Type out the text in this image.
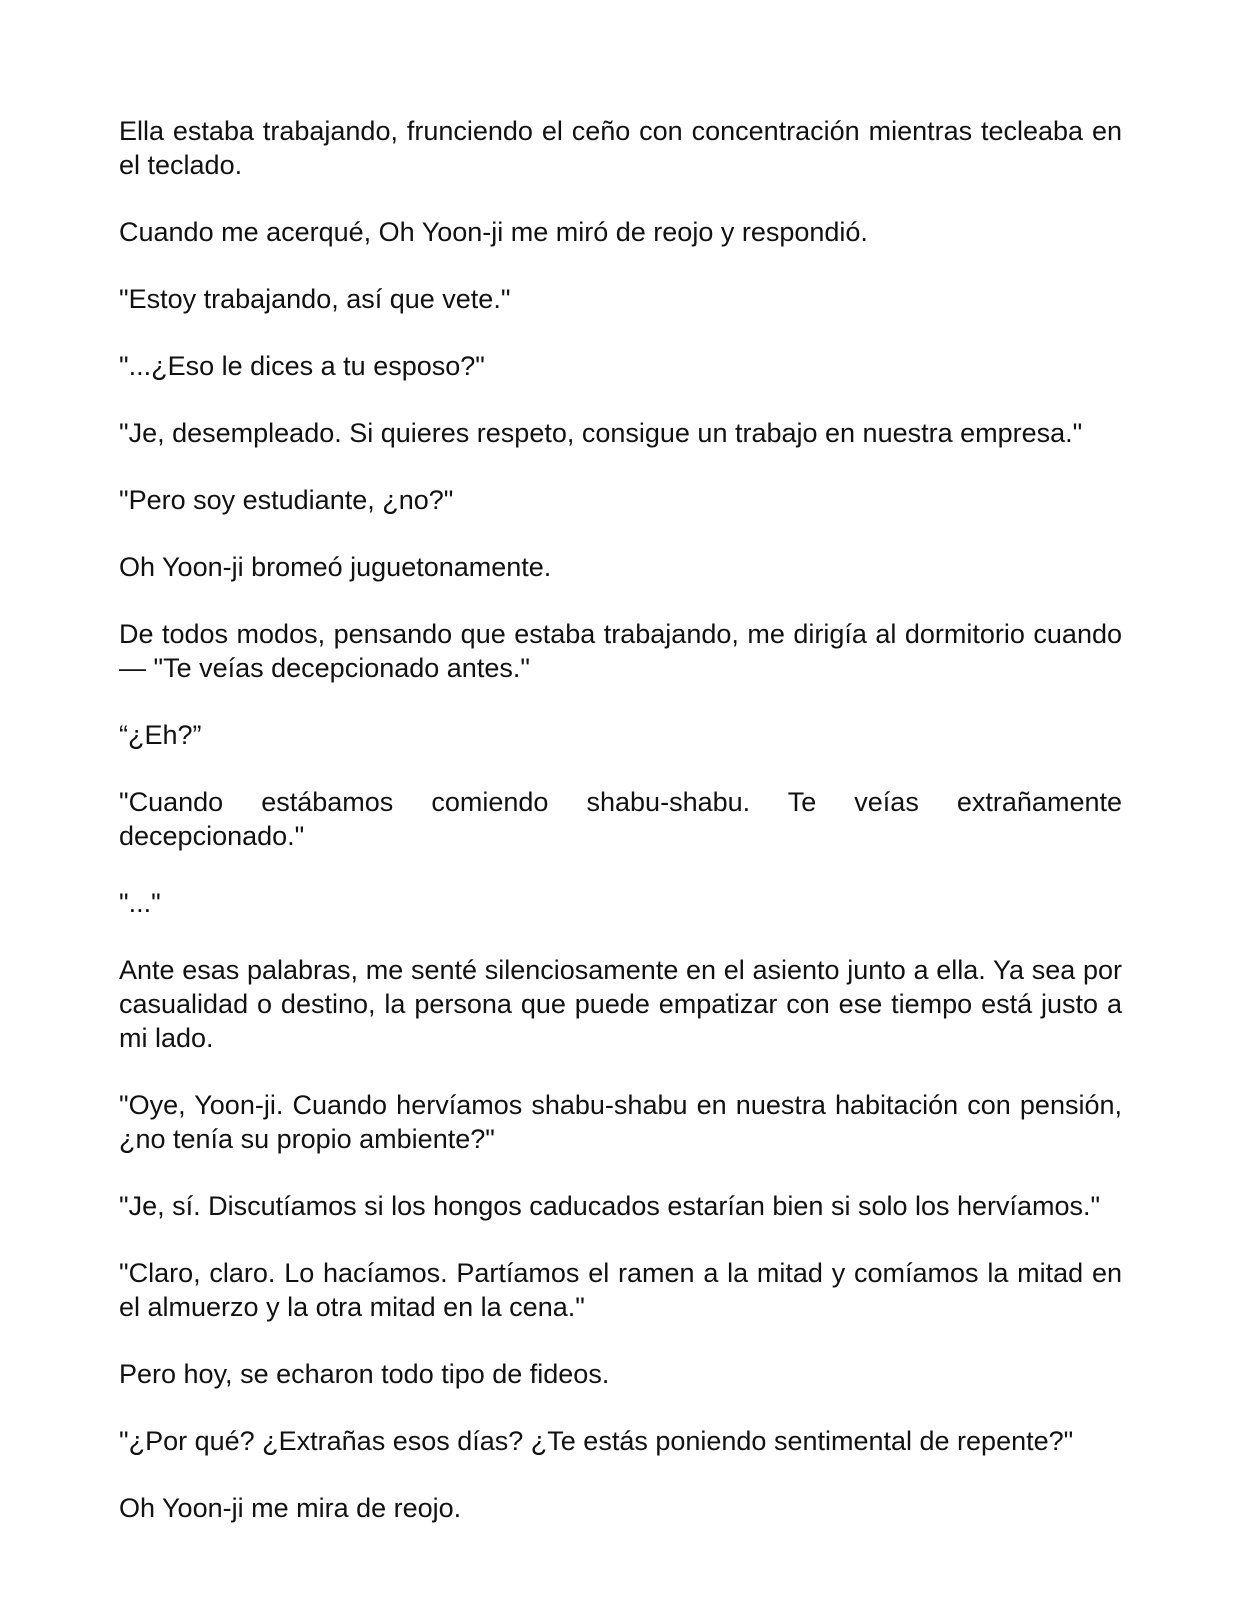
Ella estaba trabajando, frunciendo el ceño con concentración mientras tecleaba en el teclado.

Cuando me acerqué, Oh Yoon-ji me miró de reojo y respondió.

"Estoy trabajando, así que vete."

"...¿Eso le dices a tu esposo?"

"Je, desempleado. Si quieres respeto, consigue un trabajo en nuestra empresa."

"Pero soy estudiante, ¿no?"

Oh Yoon-ji bromeó juguetonamente.

De todos modos, pensando que estaba trabajando, me dirigía al dormitorio cuando— "Te veías decepcionado antes."

“¿Eh?”

"Cuando estábamos comiendo shabu-shabu. Te veías extrañamente decepcionado."

"..."

Ante esas palabras, me senté silenciosamente en el asiento junto a ella. Ya sea por casualidad o destino, la persona que puede empatizar con ese tiempo está justo a mi lado.

"Oye, Yoon-ji. Cuando hervíamos shabu-shabu en nuestra habitación con pensión, ¿no tenía su propio ambiente?"

"Je, sí. Discutíamos si los hongos caducados estarían bien si solo los hervíamos."

"Claro, claro. Lo hacíamos. Partíamos el ramen a la mitad y comíamos la mitad en el almuerzo y la otra mitad en la cena."

Pero hoy, se echaron todo tipo de fideos.

"¿Por qué? ¿Extrañas esos días? ¿Te estás poniendo sentimental de repente?"

Oh Yoon-ji me mira de reojo.
